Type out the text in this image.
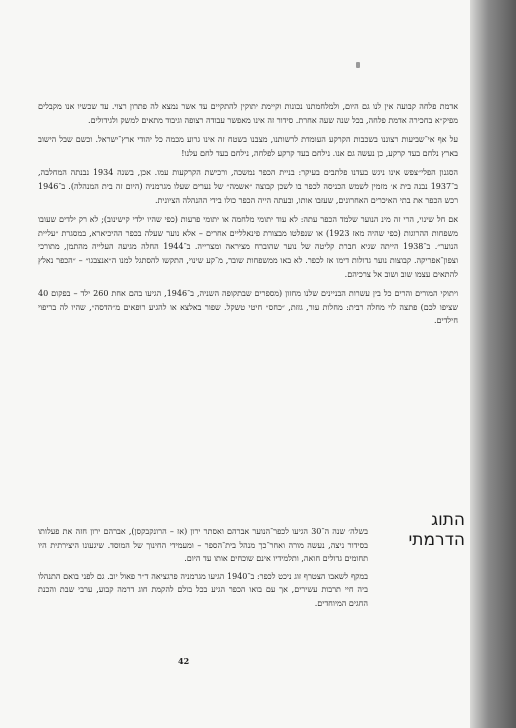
אדמת פלחה קבועה אין לנו גם היום, ולמלחמתנו נכונות וקיימת יתוקין להתקיים עד אשר נמצא לה פתרון רצוי. עד שכשיו אנו מקבלים מפיק״א בחכירה אדמת פלחה, בכל שנה שעה אחרת. סידור זה אינו מאפשר עבודה רצופה וגיבוד מתאים למשק ולגידולים.

על אף אי־שביעות רצוננו בשכבות הקרקע העומדת לרשותנו, מצבנו בשטח זה אינו גרוע מכמה כל יהודי ארץ־ישראל. וכשם שבל הישוב בארץ נלחם בעד קרקע, כן נעשה גם אנו. נילחם בעד קרקע לפלחה, נילחם בעד לחם עלנו!

הסגנון הפלי״צפש אינו ניגש בעדנו פלתבים בעיקר: בניית הכפר נמשכה, ורכישת הקרקעות עמו. אכן, בשנה 1934 נבנתה המחלבה, ב־1937 נבנה בית א׳ מזמין לשמש הכניסה לכפר בו לשכן קבוצה ״אשמה״ של נערים שעלו מגרמניה (היום זה בית המנהלה). ב־1946 רכש הכפר את בתי האיכרים האחרונים, שעזבו אותו, ובעתה הייה הכפר כולו בידי ההנהלה הציונית.

אם חל שינוי, הרי זה מינ הנוער שלמד הכפר עתה: לא עוד יתומי מלחמה או יתומי פרעות (כפי שהיו ילדי קישינוב); לא רק ילדים שעובו משפחות ההרוגות (כפי שהיה מאז 1923) או שנפלטו מבצורת פינאלליים אחרים – אלא נוער שעלה בכפר ההיכיארא, במסגרת ״עליית הנוער״. ב־1938 הייתה שגיא חברת קליטה של נוער שהוברח מציראה ומצרייה. ב־1944 החלה מגיעה העלייה מהתמן, מתורכי וצפון־אפריקה. קבוצות נוער גדולות דימו אז לכפר. לא באו ממשפחות שובר, מ־קע שינוי, התקשו להסתגל למנו ה״אנצבגו״ – ״הכפר נאלץ להתאים עצמו שוב ושוב אל צרכיהם.

ויתוקי המורים והרים כל בין עשרות הבניינים שלנו מחזון (מספרים שבתקופה השניה, ב־1946, הגיעו בהם אחת 260 ילד – בפקום 40 שציפו לכם) פתצה לוי מחלה רבית: מחלות עור, גזזת, ״כחס״ חיטי טשקל. שפור באלצא או להגיע רופאים מ״הדסה״, שהיו לה בריפוי חילדים.

התוג הדרמתי

בשלה׳ שנה ה־30 הגיעו לכפר־הנוער אברהם ואסתר ירון (אז – הרונקבקסן), אברהם ירון חזה את פעלותו בסידור ניצה, נעשה מורה ואחר־כך מנהל בית־הספר – ומעמידי החינוך של המוסד. שיגעונו היצירתית היו תחומים גדולים חואה, ותלמידיו אינם שוכחים אותו עד היום.

במקף לשאבו הצטרף זוג ניכט לכפר: ב־1940 הגיעו מגרמניה פרגציאה ד״ר פאול יוב. גם לפני בואם התנהלו ביה חיי תרבות עשירים, אך עם בואו הכפר הגיע בכל בולם להקמת חוג דרמה קבוע, ערבי שבת והכנת החגים המיוחדים.

42
